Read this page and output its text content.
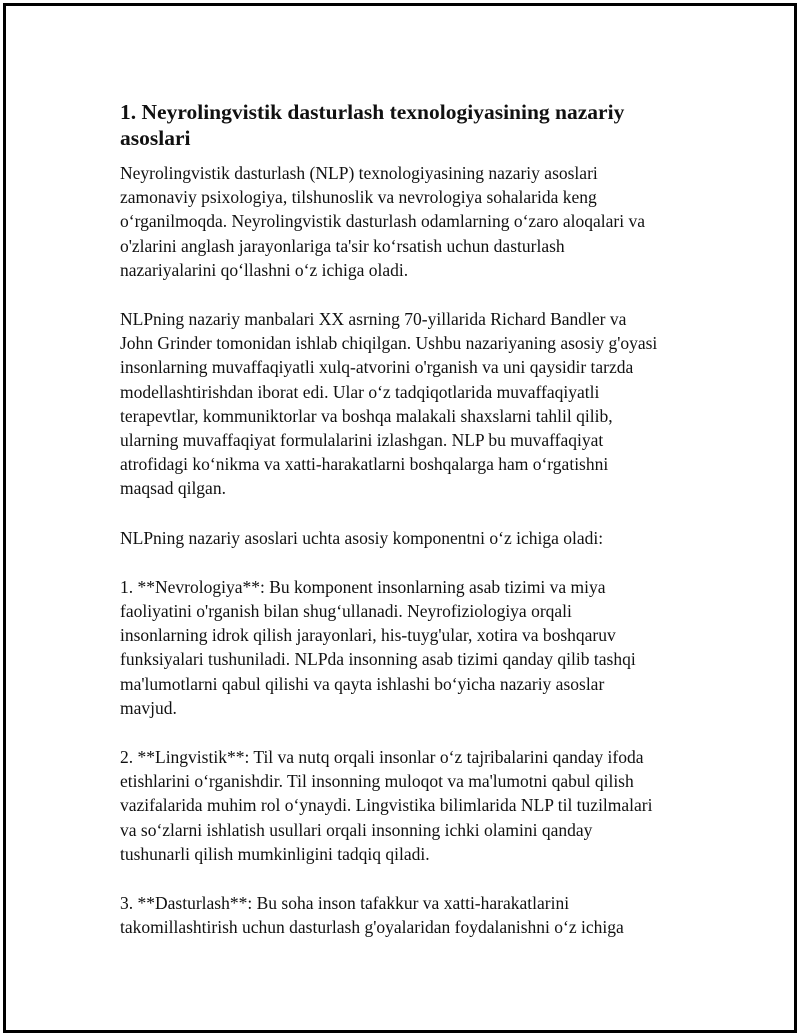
1. Neyrolingvistik dasturlash texnologiyasining nazariy
asoslari

Neyrolingvistik dasturlash (NLP) texnologiyasining nazariy asoslari
zamonaviy psixologiya, tilshunoslik va nevrologiya sohalarida keng
o‘rganilmoqda. Neyrolingvistik dasturlash odamlarning o‘zaro aloqalari va
o'zlarini anglash jarayonlariga ta'sir ko‘rsatish uchun dasturlash
nazariyalarini qo‘llashni o‘z ichiga oladi.

NLPning nazariy manbalari XX asrning 70-yillarida Richard Bandler va
John Grinder tomonidan ishlab chiqilgan. Ushbu nazariyaning asosiy g'oyasi
insonlarning muvaffaqiyatli xulq-atvorini o'rganish va uni qaysidir tarzda
modellashtirishdan iborat edi. Ular o‘z tadqiqotlarida muvaffaqiyatli
terapevtlar, kommuniktorlar va boshqa malakali shaxslarni tahlil qilib,
ularning muvaffaqiyat formulalarini izlashgan. NLP bu muvaffaqiyat
atrofidagi ko‘nikma va xatti-harakatlarni boshqalarga ham o‘rgatishni
maqsad qilgan.

NLPning nazariy asoslari uchta asosiy komponentni o‘z ichiga oladi:

1. **Nevrologiya**: Bu komponent insonlarning asab tizimi va miya
faoliyatini o'rganish bilan shug‘ullanadi. Neyrofiziologiya orqali
insonlarning idrok qilish jarayonlari, his-tuyg'ular, xotira va boshqaruv
funksiyalari tushuniladi. NLPda insonning asab tizimi qanday qilib tashqi
ma'lumotlarni qabul qilishi va qayta ishlashi bo‘yicha nazariy asoslar
mavjud.

2. **Lingvistik**: Til va nutq orqali insonlar o‘z tajribalarini qanday ifoda
etishlarini o‘rganishdir. Til insonning muloqot va ma'lumotni qabul qilish
vazifalarida muhim rol o‘ynaydi. Lingvistika bilimlarida NLP til tuzilmalari
va so‘zlarni ishlatish usullari orqali insonning ichki olamini qanday
tushunarli qilish mumkinligini tadqiq qiladi.

3. **Dasturlash**: Bu soha inson tafakkur va xatti-harakatlarini
takomillashtirish uchun dasturlash g'oyalaridan foydalanishni o‘z ichiga
